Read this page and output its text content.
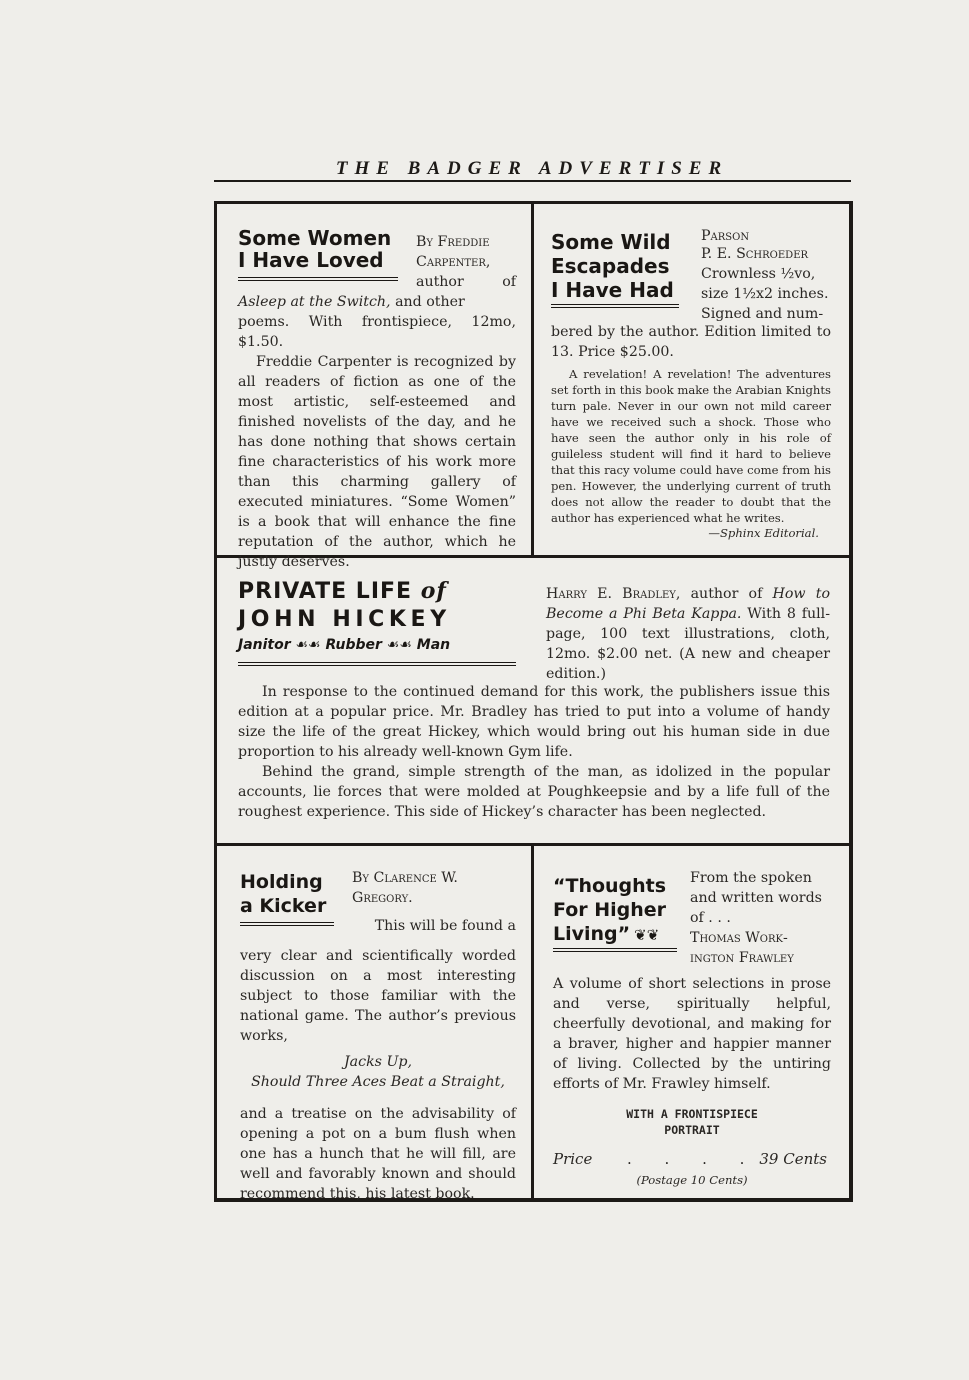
THE BADGER ADVERTISER
Some Women
I Have Loved
By Freddie
Carpenter,
author of

Asleep at the Switch, and other

poems. With frontispiece, 12mo, $1.50.

Freddie Carpenter is recognized by all readers of fiction as one of the most artistic, self-esteemed and finished novelists of the day, and he has done nothing that shows certain fine characteristics of his work more than this charming gallery of executed miniatures. “Some Women” is a book that will enhance the fine reputation of the author, which he justly deserves.

Some Wild
Escapades
I Have Had
Parson
P. E. Schroeder
Crownless ½vo,
size 1½x2 inches.
Signed and num-

bered by the author. Edition limited to 13. Price $25.00.

A revelation! A revelation! The adventures set forth in this book make the Arabian Knights turn pale. Never in our own not mild career have we received such a shock. Those who have seen the author only in his role of guileless student will find it hard to believe that this racy volume could have come from his pen. However, the underlying current of truth does not allow the reader to doubt that the author has experienced what he writes.

—Sphinx Editorial.
PRIVATE LIFE of
JOHN HICKEY
Janitor ☙☙ Rubber ☙☙ Man

Harry E. Bradley, author of How to Become a Phi Beta Kappa. With 8 full-page, 100 text illustrations, cloth, 12mo. $2.00 net. (A new and cheaper edition.)

In response to the continued demand for this work, the publishers issue this edition at a popular price. Mr. Bradley has tried to put into a volume of handy size the life of the great Hickey, which would bring out his human side in due proportion to his already well-known Gym life.

Behind the grand, simple strength of the man, as idolized in the popular accounts, lie forces that were molded at Poughkeepsie and by a life full of the roughest experience. This side of Hickey’s character has been neglected.

Holding
a Kicker
By Clarence W.
Gregory.
This will be found a

very clear and scientifically worded discussion on a most interesting subject to those familiar with the national game. The author’s previous works,

Jacks Up,
Should Three Aces Beat a Straight,

and a treatise on the advisability of opening a pot on a bum flush when one has a hunch that he will fill, are well and favorably known and should recommend this, his latest book.

“Thoughts
For Higher
Living” ❦❦
From the spoken
and written words
of . . .
Thomas Work-
ington Frawley

A volume of short selections in prose and verse, spiritually helpful, cheerfully devotional, and making for a braver, higher and happier manner of living. Collected by the untiring efforts of Mr. Frawley himself.

WITH A FRONTISPIECE
PORTRAIT
Price . . . . 39 Cents
(Postage 10 Cents)
